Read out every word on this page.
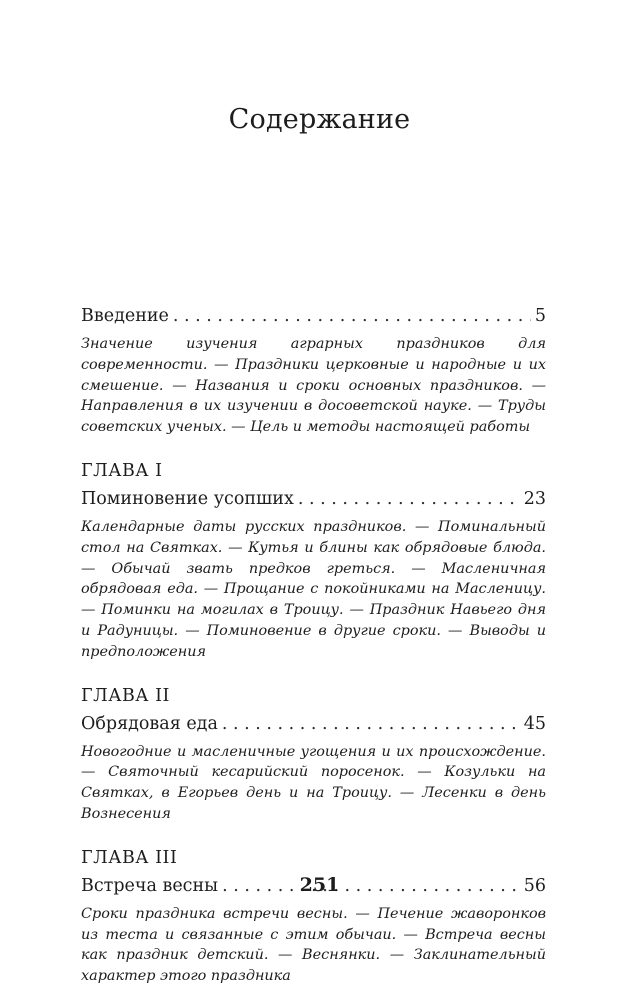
Содержание
Введение . . .	5
Значение изучения аграрных праздников для современности. — Праздники церковные и народные и их смешение. — Названия и сроки основных праздников. — Направления в их изучении в досоветской науке. — Труды советских ученых. — Цель и методы настоящей работы
ГЛАВА I
Поминовение усопших . . .	23
Календарные даты русских праздников. — Поминальный стол на Святках. — Кутья и блины как обрядовые блюда. — Обычай звать предков греться. — Масленичная обрядовая еда. — Прощание с покойниками на Масленицу. — Поминки на могилах в Троицу. — Праздник Навьего дня и Радуницы. — Поминовение в другие сроки. — Выводы и предположения
ГЛАВА II
Обрядовая еда . . .	45
Новогодние и масленичные угощения и их происхождение. — Святочный кесарийский поросенок. — Козульки на Святках, в Егорьев день и на Троицу. — Лесенки в день Вознесения
ГЛАВА III
Встреча весны . . .	56
Сроки праздника встречи весны. — Печение жаворонков из теста и связанные с этим обычаи. — Встреча весны как праздник детский. — Веснянки. — Заклинательный характер этого праздника
251
